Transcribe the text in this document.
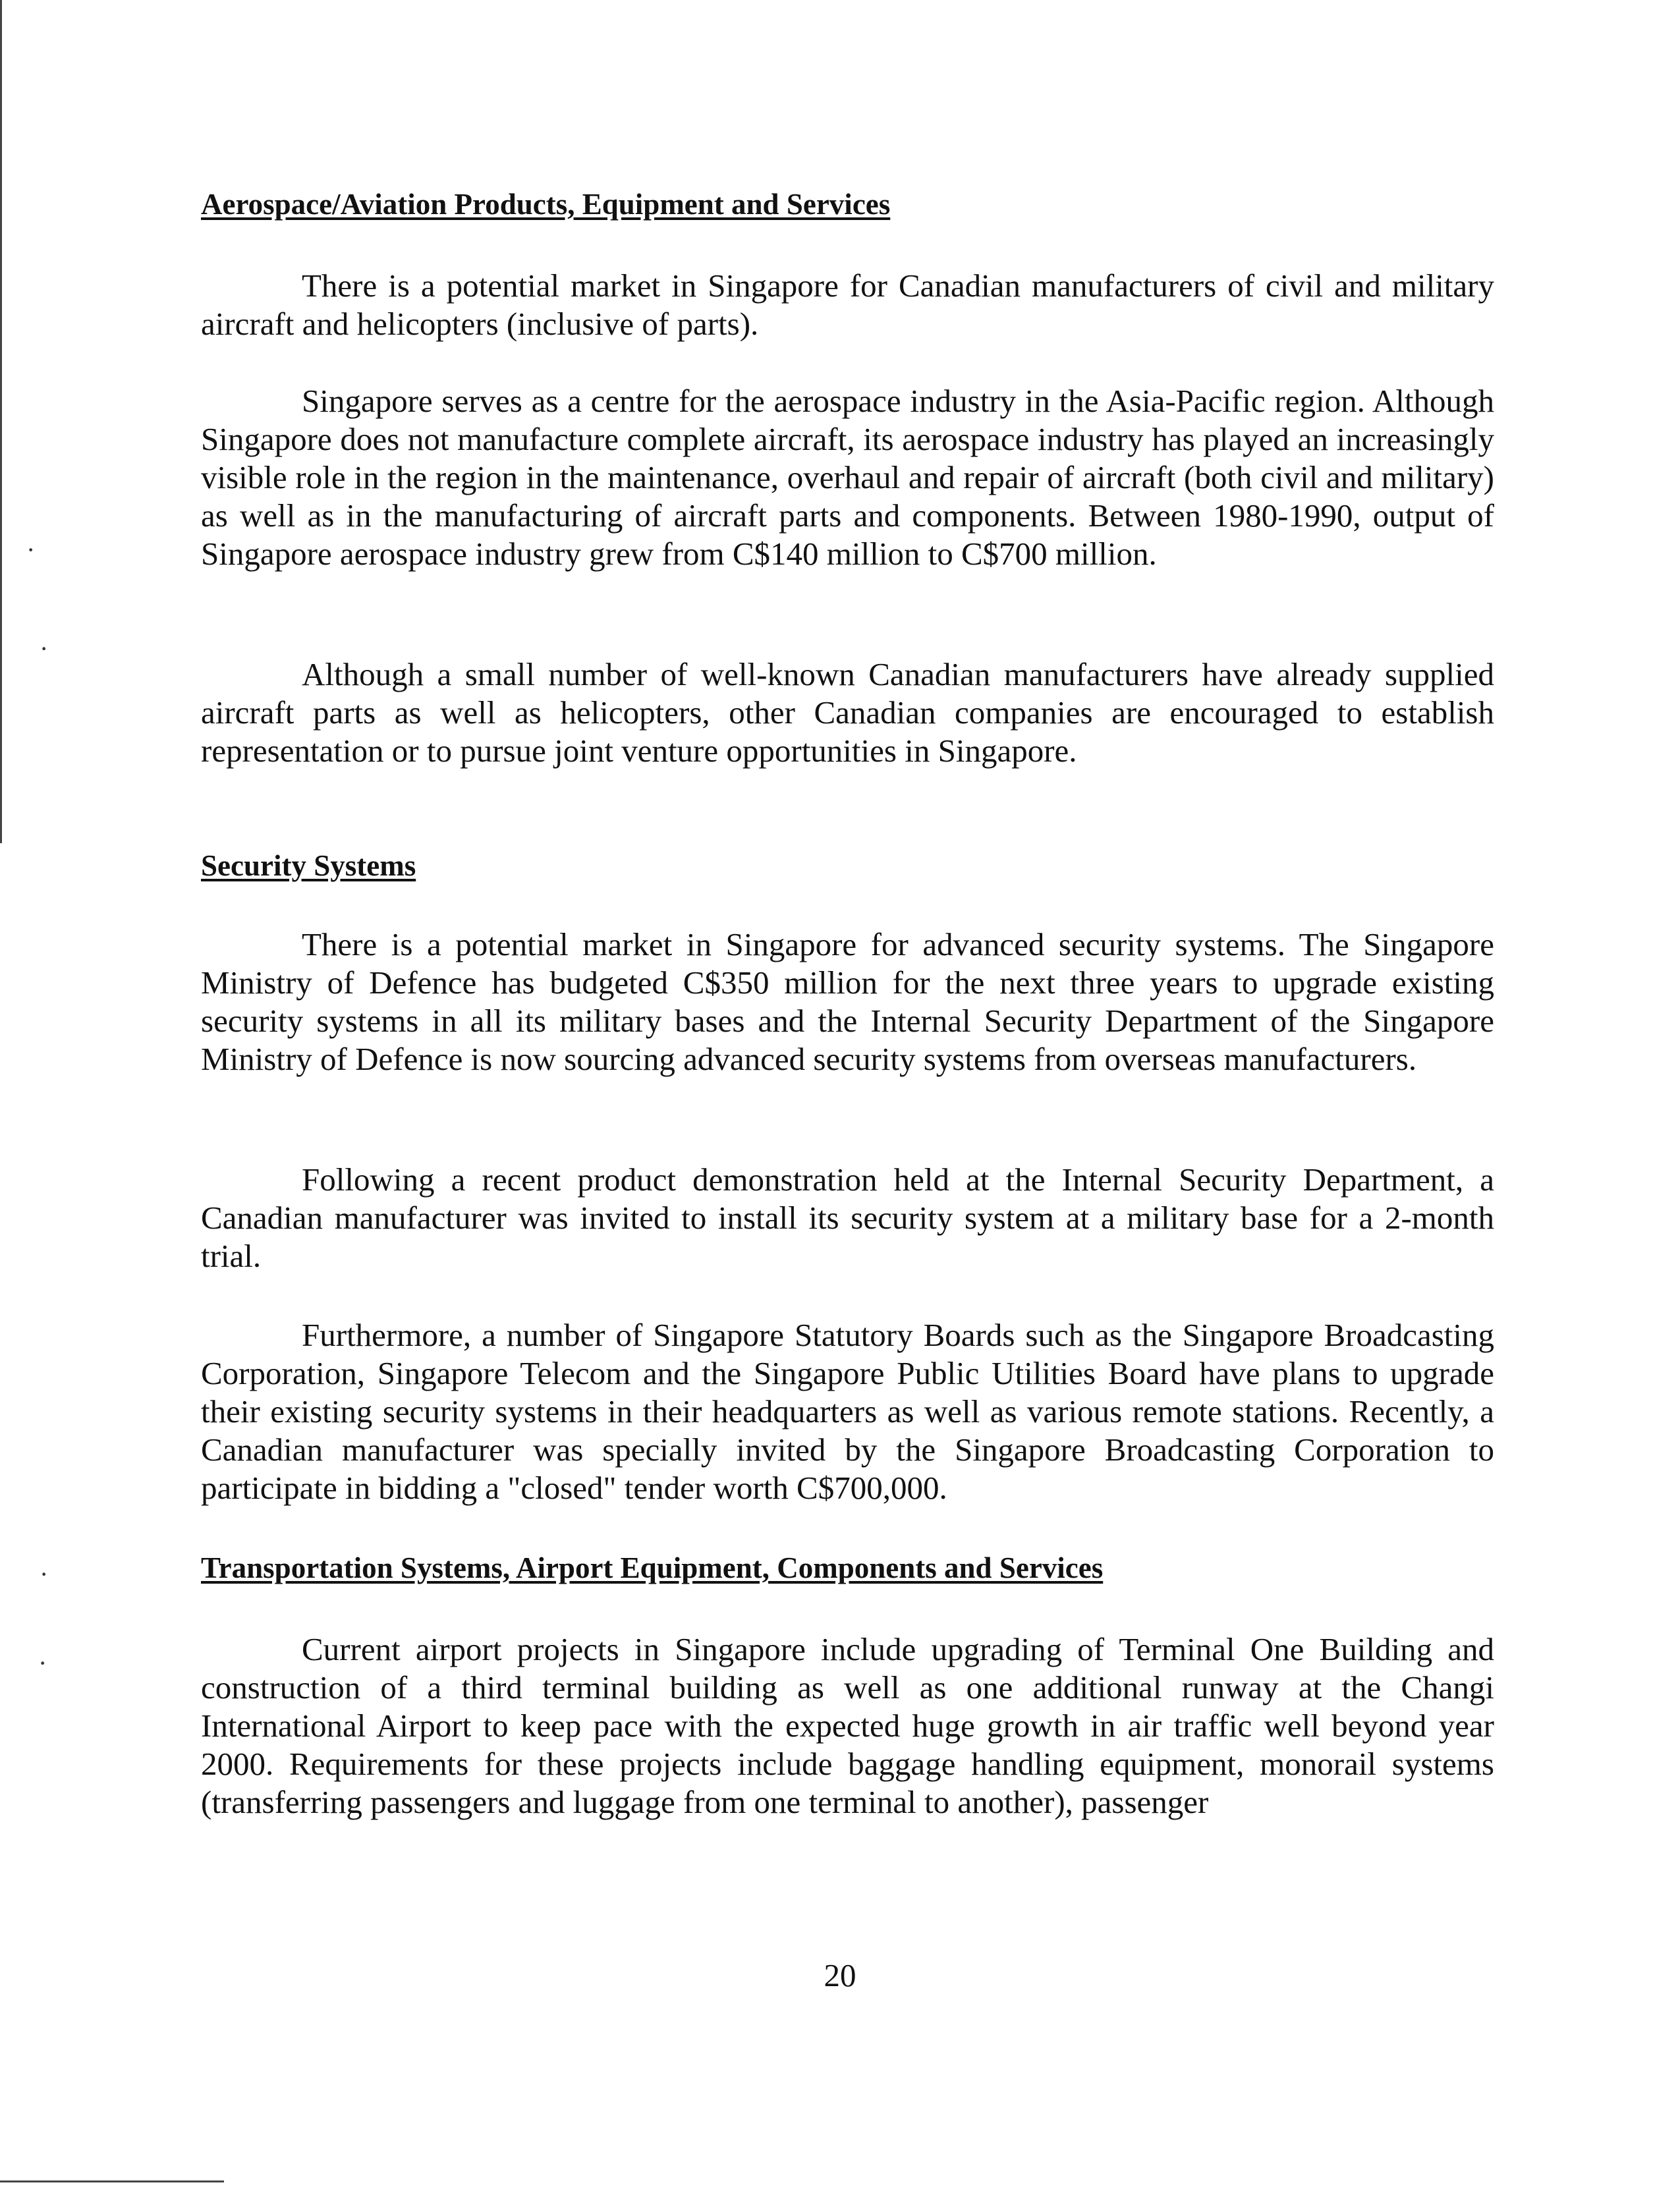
Aerospace/Aviation Products, Equipment and Services

There is a potential market in Singapore for Canadian manufacturers of civil and military aircraft and helicopters (inclusive of parts).

Singapore serves as a centre for the aerospace industry in the Asia-Pacific region. Although Singapore does not manufacture complete aircraft, its aerospace industry has played an increasingly visible role in the region in the maintenance, overhaul and repair of aircraft (both civil and military) as well as in the manufacturing of aircraft parts and components. Between 1980-1990, output of Singapore aerospace industry grew from C$140 million to C$700 million.

Although a small number of well-known Canadian manufacturers have already supplied aircraft parts as well as helicopters, other Canadian companies are encouraged to establish representation or to pursue joint venture opportunities in Singapore.

Security Systems

There is a potential market in Singapore for advanced security systems. The Singapore Ministry of Defence has budgeted C$350 million for the next three years to upgrade existing security systems in all its military bases and the Internal Security Department of the Singapore Ministry of Defence is now sourcing advanced security systems from overseas manufacturers.

Following a recent product demonstration held at the Internal Security Department, a Canadian manufacturer was invited to install its security system at a military base for a 2-month trial.

Furthermore, a number of Singapore Statutory Boards such as the Singapore Broadcasting Corporation, Singapore Telecom and the Singapore Public Utilities Board have plans to upgrade their existing security systems in their headquarters as well as various remote stations. Recently, a Canadian manufacturer was specially invited by the Singapore Broadcasting Corporation to participate in bidding a "closed" tender worth C$700,000.

Transportation Systems, Airport Equipment, Components and Services

Current airport projects in Singapore include upgrading of Terminal One Building and construction of a third terminal building as well as one additional runway at the Changi International Airport to keep pace with the expected huge growth in air traffic well beyond year 2000. Requirements for these projects include baggage handling equipment, monorail systems (transferring passengers and luggage from one terminal to another), passenger

20

·
·
·
·
